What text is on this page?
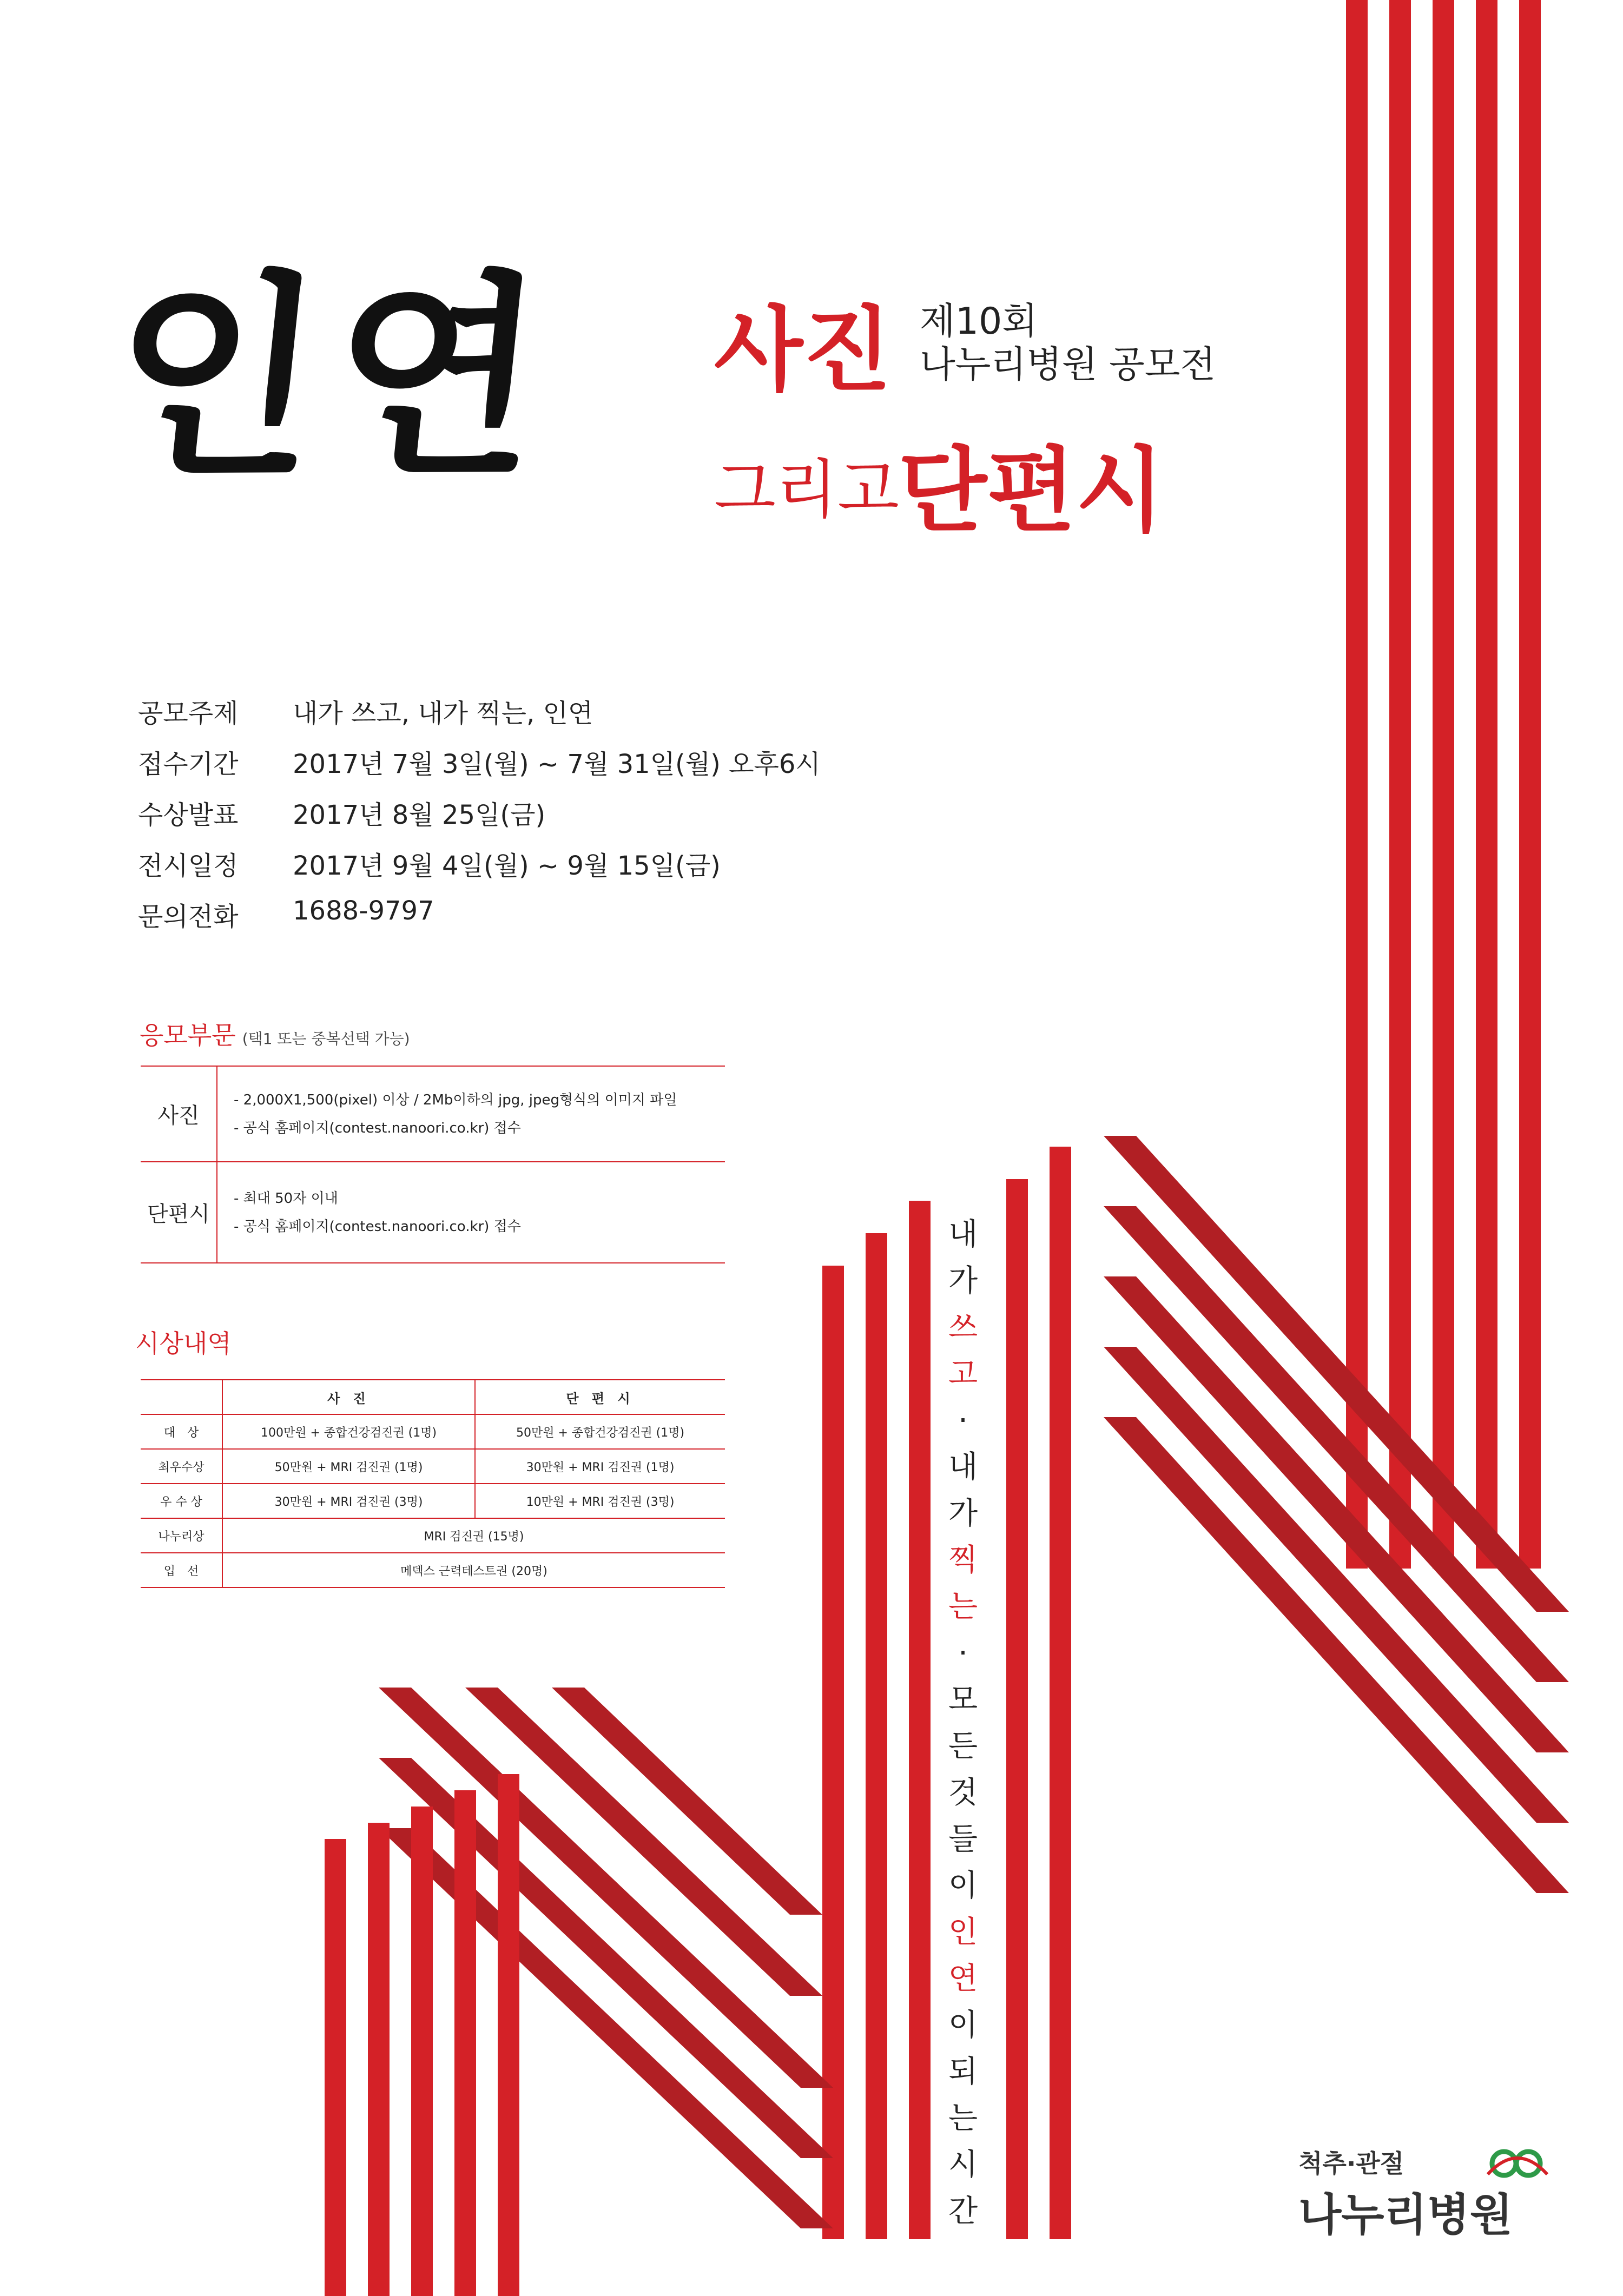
인연 사진 제10회
나누리병원 공모전
그리고
단편시
공모주제	내가 쓰고, 내가 찍는, 인연
접수기간	2017년 7월 3일(월) ~ 7월 31일(월) 오후6시
수상발표	2017년 8월 25일(금)
전시일정	2017년 9월 4일(월) ~ 9월 15일(금)
문의전화	1688-9797
응모부문 (택1 또는 중복선택 가능)
사진	- 2,000X1,500(pixel) 이상 / 2Mb이하의 jpg, jpeg형식의 이미지 파일
- 공식 홈페이지(contest.nanoori.co.kr) 접수

단편시	- 최대 50자 이내
- 공식 홈페이지(contest.nanoori.co.kr) 접수
시상내역
	사 진	단 편 시
대　상	100만원 + 종합건강검진권 (1명)	50만원 + 종합건강검진권 (1명)
최우수상	50만원 + MRI 검진권 (1명)	30만원 + MRI 검진권 (1명)
우 수 상	30만원 + MRI 검진권 (3명)	10만원 + MRI 검진권 (3명)
나누리상	MRI 검진권 (15명)	
입　선	메덱스 근력테스트권 (20명)	
내
가
쓰
고
·
내
가
찍
는
·
모
든
것
들
이
인
연
이
되
는
시
간
척추·관절
나누리병원
